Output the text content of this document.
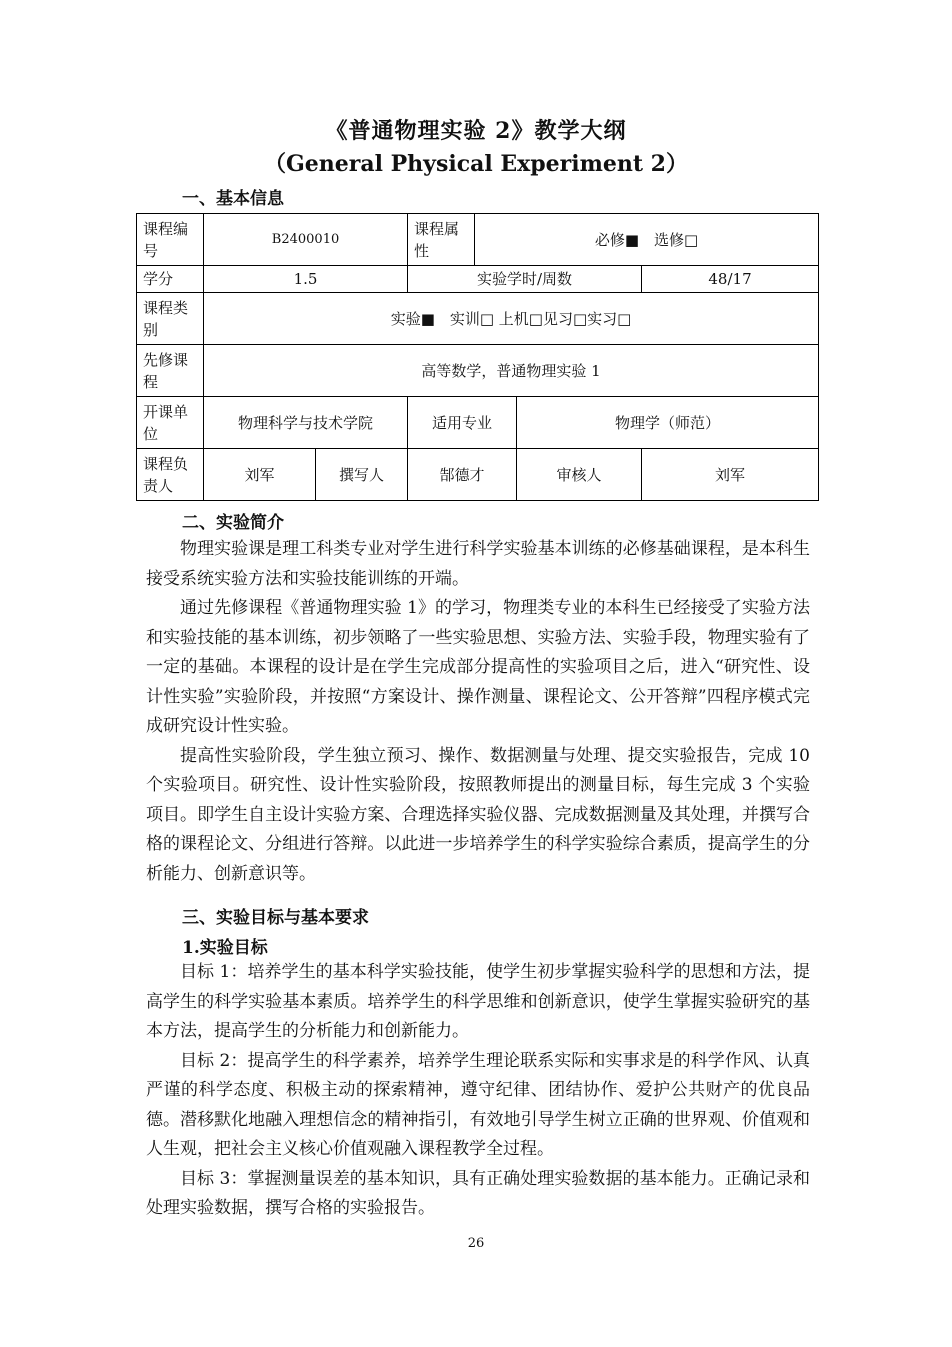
《普通物理实验 2》教学大纲
（General Physical Experiment 2）
一、基本信息
课程编号	B2400010		课程属性	必修■　选修□		
学分	1.5		实验学时/周数			48/17
课程类别	实验■　实训□ 上机□见习□实习□					
先修课程	高等数学，普通物理实验 1					
开课单位	物理科学与技术学院		适用专业		物理学（师范）	
课程负责人	刘军	撰写人	郜德才		审核人	刘军
二、实验简介

物理实验课是理工科类专业对学生进行科学实验基本训练的必修基础课程，是本科生接受系统实验方法和实验技能训练的开端。

通过先修课程《普通物理实验 1》的学习，物理类专业的本科生已经接受了实验方法和实验技能的基本训练，初步领略了一些实验思想、实验方法、实验手段，物理实验有了一定的基础。本课程的设计是在学生完成部分提高性的实验项目之后，进入“研究性、设计性实验”实验阶段，并按照“方案设计、操作测量、课程论文、公开答辩”四程序模式完成研究设计性实验。

提高性实验阶段，学生独立预习、操作、数据测量与处理、提交实验报告，完成 10 个实验项目。研究性、设计性实验阶段，按照教师提出的测量目标，每生完成 3 个实验项目。即学生自主设计实验方案、合理选择实验仪器、完成数据测量及其处理，并撰写合格的课程论文、分组进行答辩。以此进一步培养学生的科学实验综合素质，提高学生的分析能力、创新意识等。

三、实验目标与基本要求
1.实验目标

目标 1：培养学生的基本科学实验技能，使学生初步掌握实验科学的思想和方法，提高学生的科学实验基本素质。培养学生的科学思维和创新意识，使学生掌握实验研究的基本方法，提高学生的分析能力和创新能力。

目标 2：提高学生的科学素养，培养学生理论联系实际和实事求是的科学作风、认真严谨的科学态度、积极主动的探索精神，遵守纪律、团结协作、爱护公共财产的优良品德。潜移默化地融入理想信念的精神指引，有效地引导学生树立正确的世界观、价值观和人生观，把社会主义核心价值观融入课程教学全过程。

目标 3：掌握测量误差的基本知识，具有正确处理实验数据的基本能力。正确记录和处理实验数据，撰写合格的实验报告。

26
